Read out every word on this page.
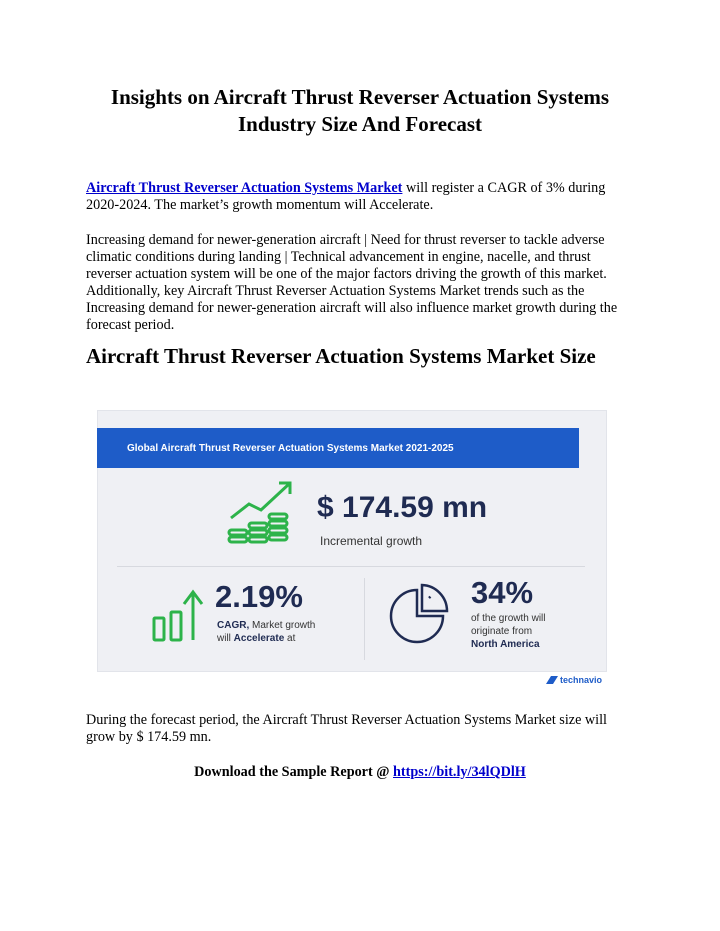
Insights on Aircraft Thrust Reverser Actuation Systems
Industry Size And Forecast

Aircraft Thrust Reverser Actuation Systems Market will register a CAGR of 3% during 2020-2024. The market’s growth momentum will Accelerate.

Increasing demand for newer-generation aircraft | Need for thrust reverser to tackle adverse climatic conditions during landing | Technical advancement in engine, nacelle, and thrust reverser actuation system will be one of the major factors driving the growth of this market. Additionally, key Aircraft Thrust Reverser Actuation Systems Market trends such as the Increasing demand for newer-generation aircraft will also influence market growth during the forecast period.

Aircraft Thrust Reverser Actuation Systems Market Size
Global Aircraft Thrust Reverser Actuation Systems Market 2021-2025
$ 174.59 mn
Incremental growth
2.19%
CAGR, Market growth
will Accelerate at
34%
of the growth will
originate from
North America
technavio

During the forecast period, the Aircraft Thrust Reverser Actuation Systems Market size will grow by $ 174.59 mn.

Download the Sample Report @ https://bit.ly/34lQDlH
